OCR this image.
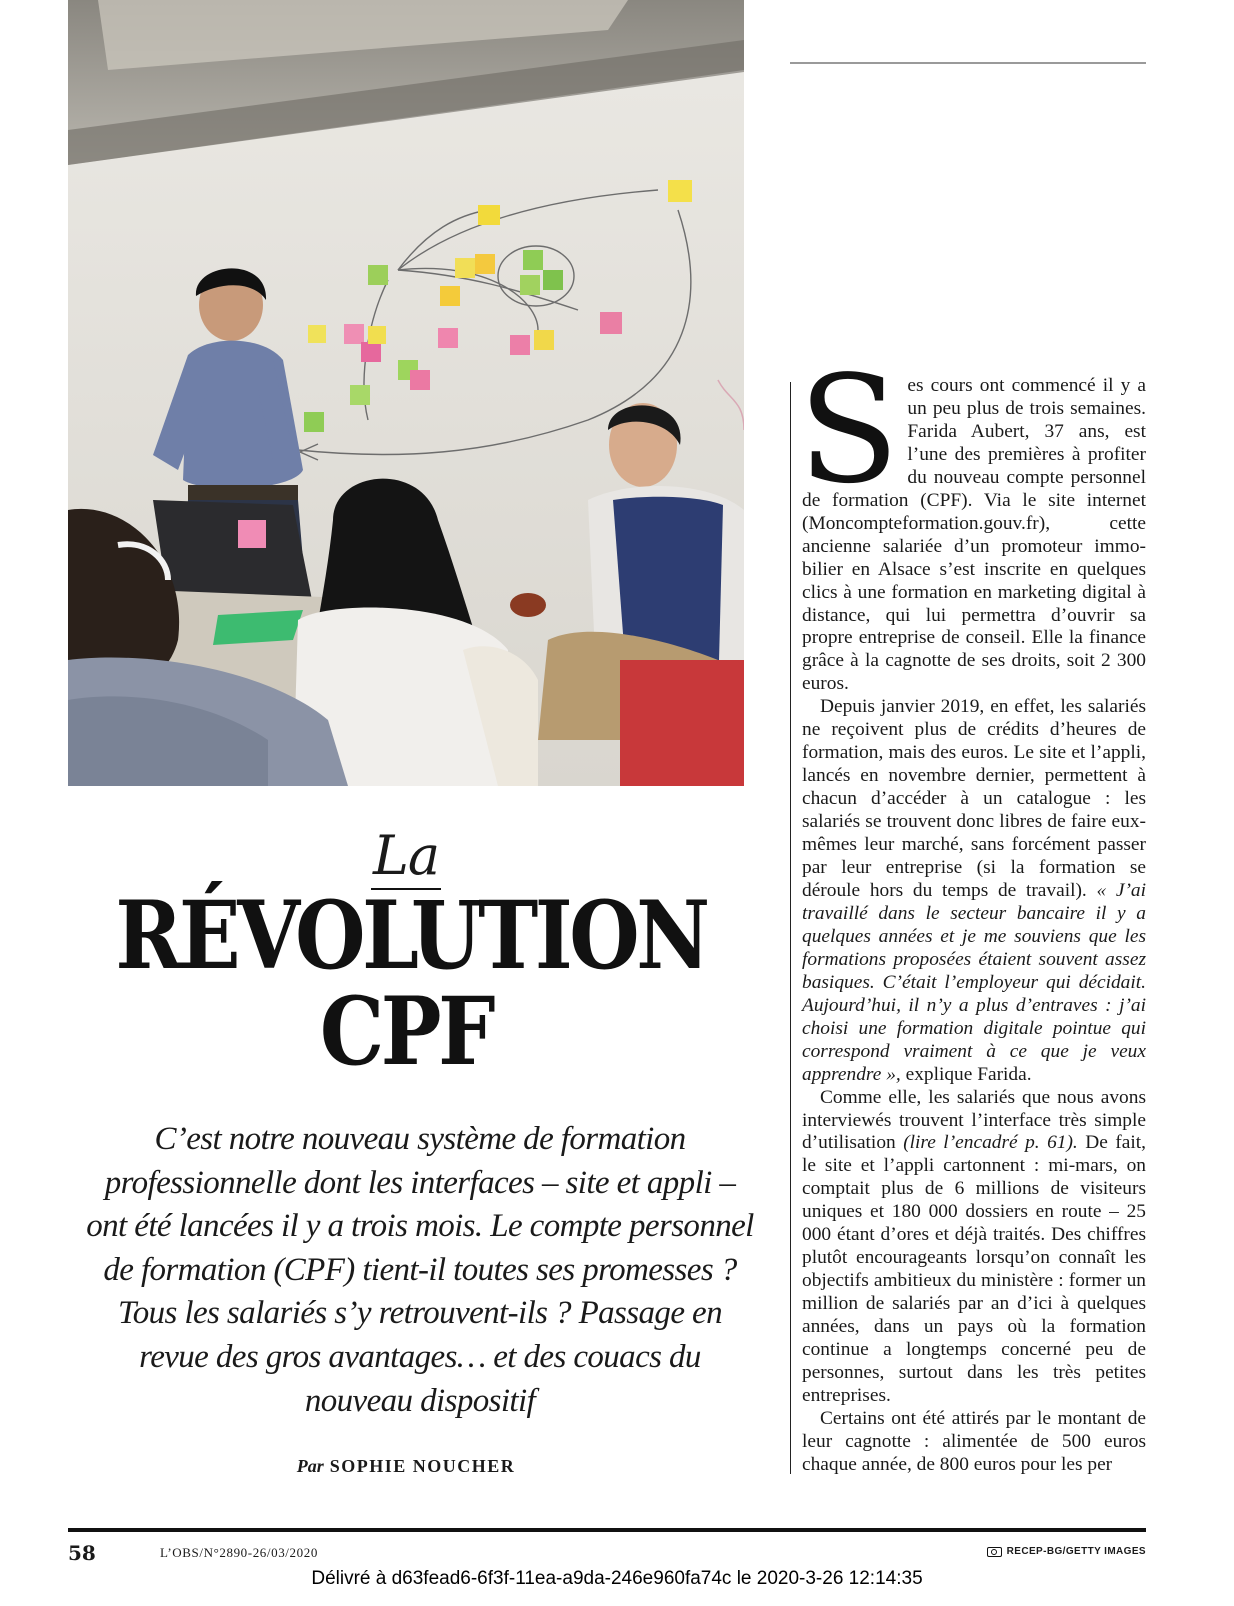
Ses cours ont commencé il y a un peu plus de trois semaines. Farida Aubert, 37 ans, est l’une des premières à profiter du nouveau compte personnel de formation (CPF). Via le site internet (Moncompteformation.gouv.fr), cette ancienne salariée d’un promoteur immobilier en Alsace s’est inscrite en quelques clics à une formation en marketing digital à distance, qui lui permettra d’ouvrir sa propre entreprise de conseil. Elle la finance grâce à la cagnotte de ses droits, soit 2 300 euros.

Depuis janvier 2019, en effet, les salariés ne reçoivent plus de crédits d’heures de formation, mais des euros. Le site et l’appli, lancés en novembre dernier, permettent à chacun d’accéder à un catalogue : les salariés se trouvent donc libres de faire eux-mêmes leur marché, sans forcément passer par leur entreprise (si la formation se déroule hors du temps de travail). « J’ai travaillé dans le secteur bancaire il y a quelques années et je me souviens que les formations proposées étaient souvent assez basiques. C’était l’employeur qui décidait. Aujourd’hui, il n’y a plus d’entraves : j’ai choisi une formation digitale pointue qui correspond vraiment à ce que je veux apprendre », explique Farida.

Comme elle, les salariés que nous avons interviewés trouvent l’interface très simple d’utilisation (lire l’encadré p. 61). De fait, le site et l’appli cartonnent : mi-mars, on comptait plus de 6 millions de visiteurs uniques et 180 000 dossiers en route – 25 000 étant d’ores et déjà traités. Des chiffres plutôt encourageants lorsqu’on connaît les objectifs ambitieux du ministère : former un million de salariés par an d’ici à quelques années, dans un pays où la formation continue a longtemps concerné peu de personnes, surtout dans les très petites entreprises.

Certains ont été attirés par le montant de leur cagnotte : alimentée de 500 euros chaque année, de 800 euros pour les per

La
RÉVOLUTION
CPF
C’est notre nouveau système de formation professionnelle dont les interfaces – site et appli – ont été lancées il y a trois mois. Le compte personnel de formation (CPF) tient-il toutes ses promesses ? Tous les salariés s’y retrouvent-ils ? Passage en revue des gros avantages… et des couacs du nouveau dispositif
Par SOPHIE NOUCHER
58	L’OBS/N°2890-26/03/2020	RECEP-BG/GETTY IMAGES
Délivré à d63fead6-6f3f-11ea-a9da-246e960fa74c le 2020-3-26 12:14:35
